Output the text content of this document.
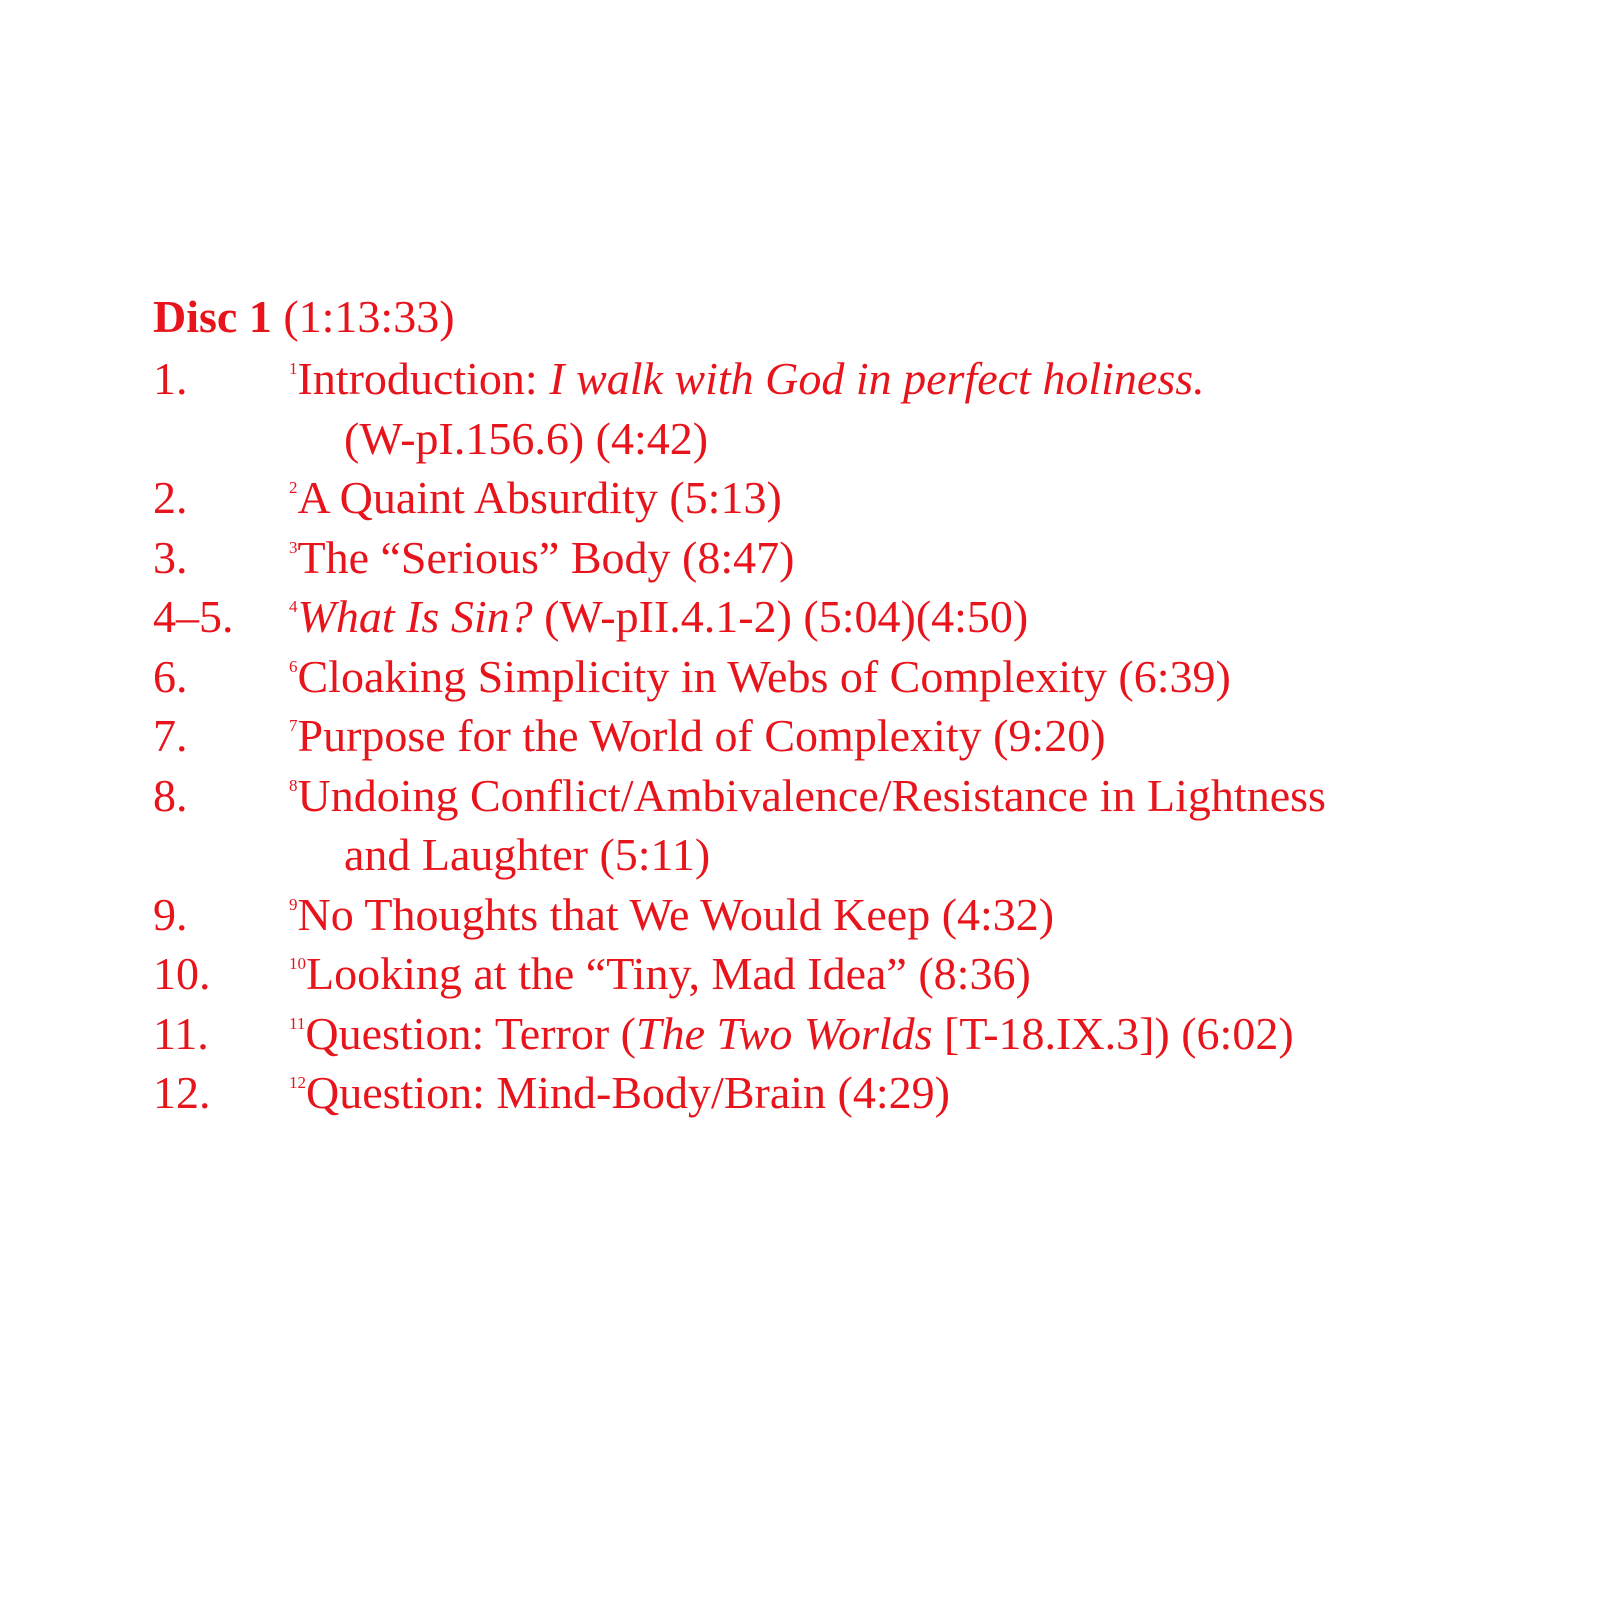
Disc 1 (1:13:33)
1.	$^1$Introduction: I walk with God in perfect holiness.
(W-pI.156.6) (4:42)
2.	$^2$A Quaint Absurdity (5:13)
3.	$^3$The “Serious” Body (8:47)
4–5.	$^4$What Is Sin? (W-pII.4.1-2) (5:04)(4:50)
6.	$^6$Cloaking Simplicity in Webs of Complexity (6:39)
7.	$^7$Purpose for the World of Complexity (9:20)
8.	$^8$Undoing Conflict/Ambivalence/Resistance in Lightness
and Laughter (5:11)
9.	$^9$No Thoughts that We Would Keep (4:32)
10.	$^{10}$Looking at the “Tiny, Mad Idea” (8:36)
11.	$^{11}$Question: Terror (The Two Worlds [T-18.IX.3]) (6:02)
12.	$^{12}$Question: Mind-Body/Brain (4:29)
